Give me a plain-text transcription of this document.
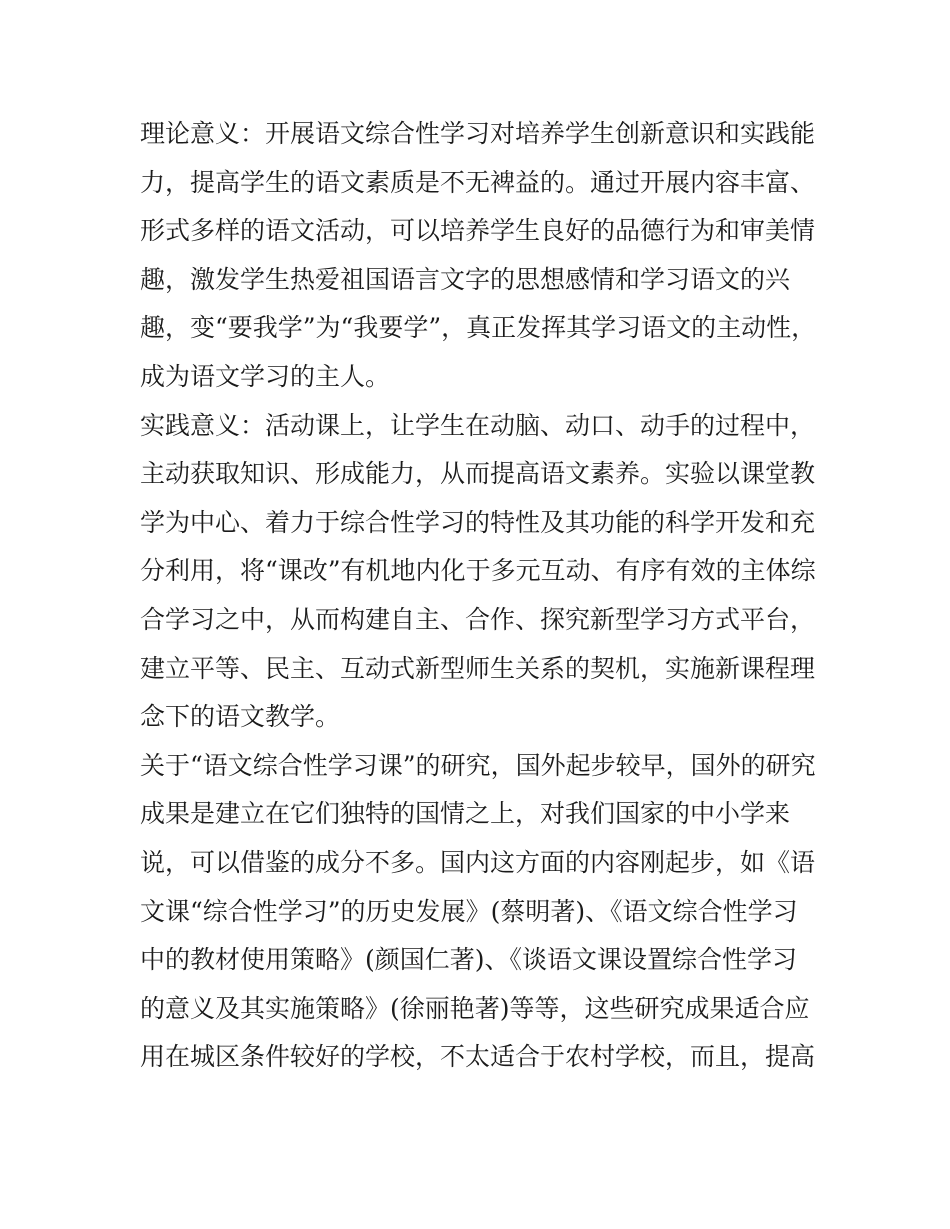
理论意义：开展语文综合性学习对培养学生创新意识和实践能
力，提高学生的语文素质是不无裨益的。通过开展内容丰富、
形式多样的语文活动，可以培养学生良好的品德行为和审美情
趣，激发学生热爱祖国语言文字的思想感情和学习语文的兴
趣，变“要我学”为“我要学”，真正发挥其学习语文的主动性，
成为语文学习的主人。
实践意义：活动课上，让学生在动脑、动口、动手的过程中，
主动获取知识、形成能力，从而提高语文素养。实验以课堂教
学为中心、着力于综合性学习的特性及其功能的科学开发和充
分利用，将“课改”有机地内化于多元互动、有序有效的主体综
合学习之中，从而构建自主、合作、探究新型学习方式平台，
建立平等、民主、互动式新型师生关系的契机，实施新课程理
念下的语文教学。
关于“语文综合性学习课”的研究，国外起步较早，国外的研究
成果是建立在它们独特的国情之上，对我们国家的中小学来
说，可以借鉴的成分不多。国内这方面的内容刚起步，如《语
文课“综合性学习”的历史发展》(蔡明著)、《语文综合性学习
中的教材使用策略》(颜国仁著)、《谈语文课设置综合性学习
的意义及其实施策略》(徐丽艳著)等等，这些研究成果适合应
用在城区条件较好的学校，不太适合于农村学校，而且，提高
